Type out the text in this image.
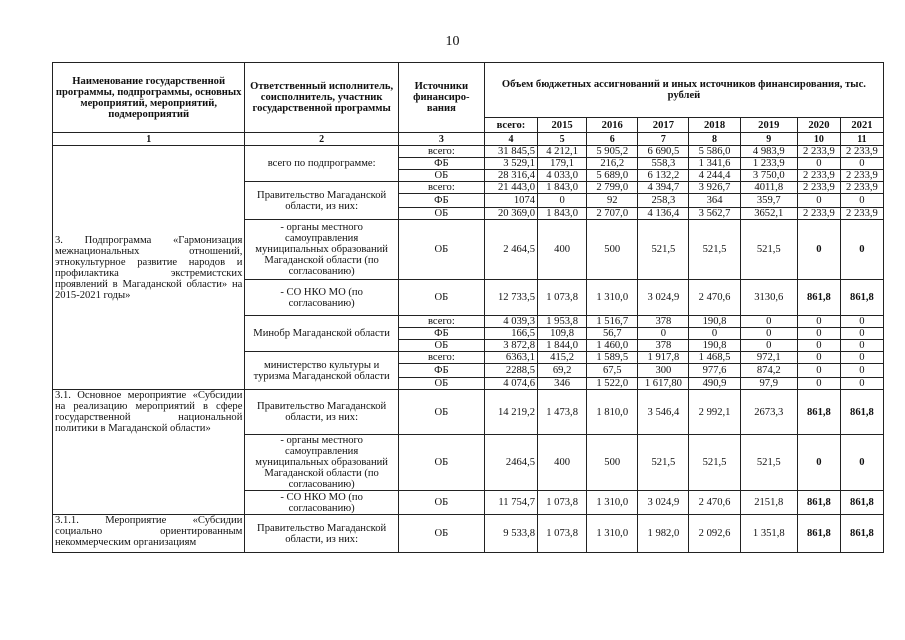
10
Наименование государственной программы, подпрограммы, основных мероприятий, мероприятий, подмероприятий	Ответственный исполнитель, соисполнитель, участник государственной программы	Источники финансиро-вания	Объем бюджетных ассигнований и иных источников финансирования, тыс. рублей							
			всего:	2015	2016	2017	2018	2019	2020	2021
1	2	3	4	5	6	7	8	9	10	11
3. Подпрограмма «Гармонизация межнациональных отношений, этнокультурное развитие народов и профилактика экстремистских проявлений в Магаданской области» на 2015-2021 годы»	всего по подпрограмме:	всего:	31 845,5	4 212,1	5 905,2	6 690,5	5 586,0	4 983,9	2 233,9	2 233,9
		ФБ	3 529,1	179,1	216,2	558,3	1 341,6	1 233,9	0	0
		ОБ	28 316,4	4 033,0	5 689,0	6 132,2	4 244,4	3 750,0	2 233,9	2 233,9
	Правительство Магаданской области, из них:	всего:	21 443,0	1 843,0	2 799,0	4 394,7	3 926,7	4011,8	2 233,9	2 233,9
		ФБ	1074	0	92	258,3	364	359,7	0	0
		ОБ	20 369,0	1 843,0	2 707,0	4 136,4	3 562,7	3652,1	2 233,9	2 233,9
	- органы местного самоуправления муниципальных образований Магаданской области (по согласованию)	ОБ	2 464,5	400	500	521,5	521,5	521,5	0	0
	- СО НКО МО (по согласованию)	ОБ	12 733,5	1 073,8	1 310,0	3 024,9	2 470,6	3130,6	861,8	861,8
	Минобр Магаданской области	всего:	4 039,3	1 953,8	1 516,7	378	190,8	0	0	0
		ФБ	166,5	109,8	56,7	0	0	0	0	0
		ОБ	3 872,8	1 844,0	1 460,0	378	190,8	0	0	0
	министерство культуры и туризма Магаданской области	всего:	6363,1	415,2	1 589,5	1 917,8	1 468,5	972,1	0	0
		ФБ	2288,5	69,2	67,5	300	977,6	874,2	0	0
		ОБ	4 074,6	346	1 522,0	1 617,80	490,9	97,9	0	0
3.1. Основное мероприятие «Субсидии на реализацию мероприятий в сфере государственной национальной политики в Магаданской области»	Правительство Магаданской области, из них:	ОБ	14 219,2	1 473,8	1 810,0	3 546,4	2 992,1	2673,3	861,8	861,8
	- органы местного самоуправления муниципальных образований Магаданской области (по согласованию)	ОБ	2464,5	400	500	521,5	521,5	521,5	0	0
	- СО НКО МО (по согласованию)	ОБ	11 754,7	1 073,8	1 310,0	3 024,9	2 470,6	2151,8	861,8	861,8
3.1.1. Мероприятие «Субсидии социально ориентированным некоммерческим организациям	Правительство Магаданской области, из них:	ОБ	9 533,8	1 073,8	1 310,0	1 982,0	2 092,6	1 351,8	861,8	861,8
